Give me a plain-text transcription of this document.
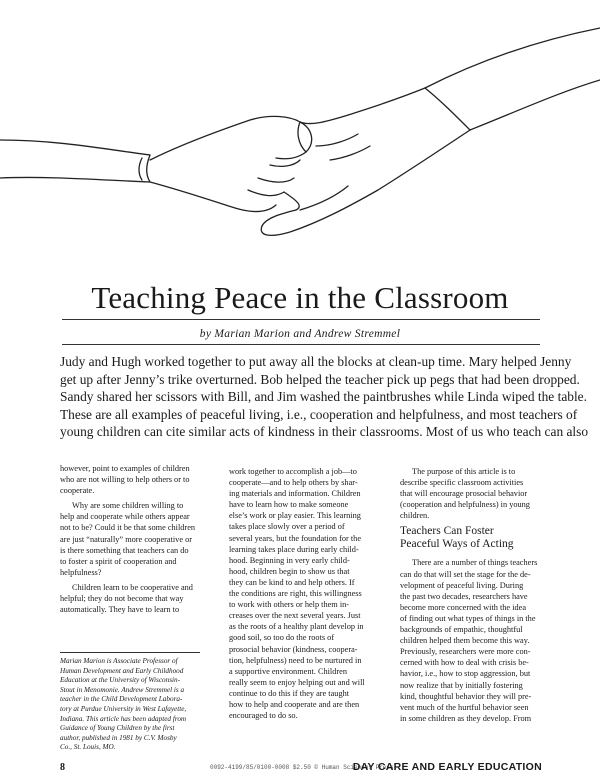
Teaching Peace in the Classroom
by Marian Marion and Andrew Stremmel
Judy and Hugh worked together to put away all the blocks at clean-up time. Mary helped Jenny
get up after Jenny’s trike overturned. Bob helped the teacher pick up pegs that had been dropped.
Sandy shared her scissors with Bill, and Jim washed the paintbrushes while Linda wiped the table.
These are all examples of peaceful living, i.e., cooperation and helpfulness, and most teachers of
young children can cite similar acts of kindness in their classrooms. Most of us who teach can also

however, point to examples of children
who are not willing to help others or to
cooperate.

Why are some children willing to
help and cooperate while others appear
not to be? Could it be that some children
are just “naturally” more cooperative or
is there something that teachers can do
to foster a spirit of cooperation and
helpfulness?

Children learn to be cooperative and
helpful; they do not become that way
automatically. They have to learn to

Marian Marion is Associate Professor of
Human Development and Early Childhood
Education at the University of Wisconsin-
Stout in Menomonie. Andrew Stremmel is a
teacher in the Child Development Labora-
tory at Purdue University in West Lafayette,
Indiana. This article has been adapted from
Guidance of Young Children by the first
author, published in 1981 by C.V. Mosby
Co., St. Louis, MO.

work together to accomplish a job—to
cooperate—and to help others by shar-
ing materials and information. Children
have to learn how to make someone
else’s work or play easier. This learning
takes place slowly over a period of
several years, but the foundation for the
learning takes place during early child-
hood. Beginning in very early child-
hood, children begin to show us that
they can be kind to and help others. If
the conditions are right, this willingness
to work with others or help them in-
creases over the next several years. Just
as the roots of a healthy plant develop in
good soil, so too do the roots of
prosocial behavior (kindness, coopera-
tion, helpfulness) need to be nurtured in
a supportive environment. Children
really seem to enjoy helping out and will
continue to do this if they are taught
how to help and cooperate and are then
encouraged to do so.

The purpose of this article is to
describe specific classroom activities
that will encourage prosocial behavior
(cooperation and helpfulness) in young
children.

Teachers Can Foster
Peaceful Ways of Acting

There are a number of things teachers
can do that will set the stage for the de-
velopment of peaceful living. During
the past two decades, researchers have
become more concerned with the idea
of finding out what types of things in the
backgrounds of empathic, thoughtful
children helped them become this way.
Previously, researchers were more con-
cerned with how to deal with crisis be-
havior, i.e., how to stop aggression, but
now realize that by initially fostering
kind, thoughtful behavior they will pre-
vent much of the hurtful behavior seen
in some children as they develop. From

8	0092-4199/85/0100-0008 $2.50 © Human Sciences Press
DAY CARE AND EARLY EDUCATION
